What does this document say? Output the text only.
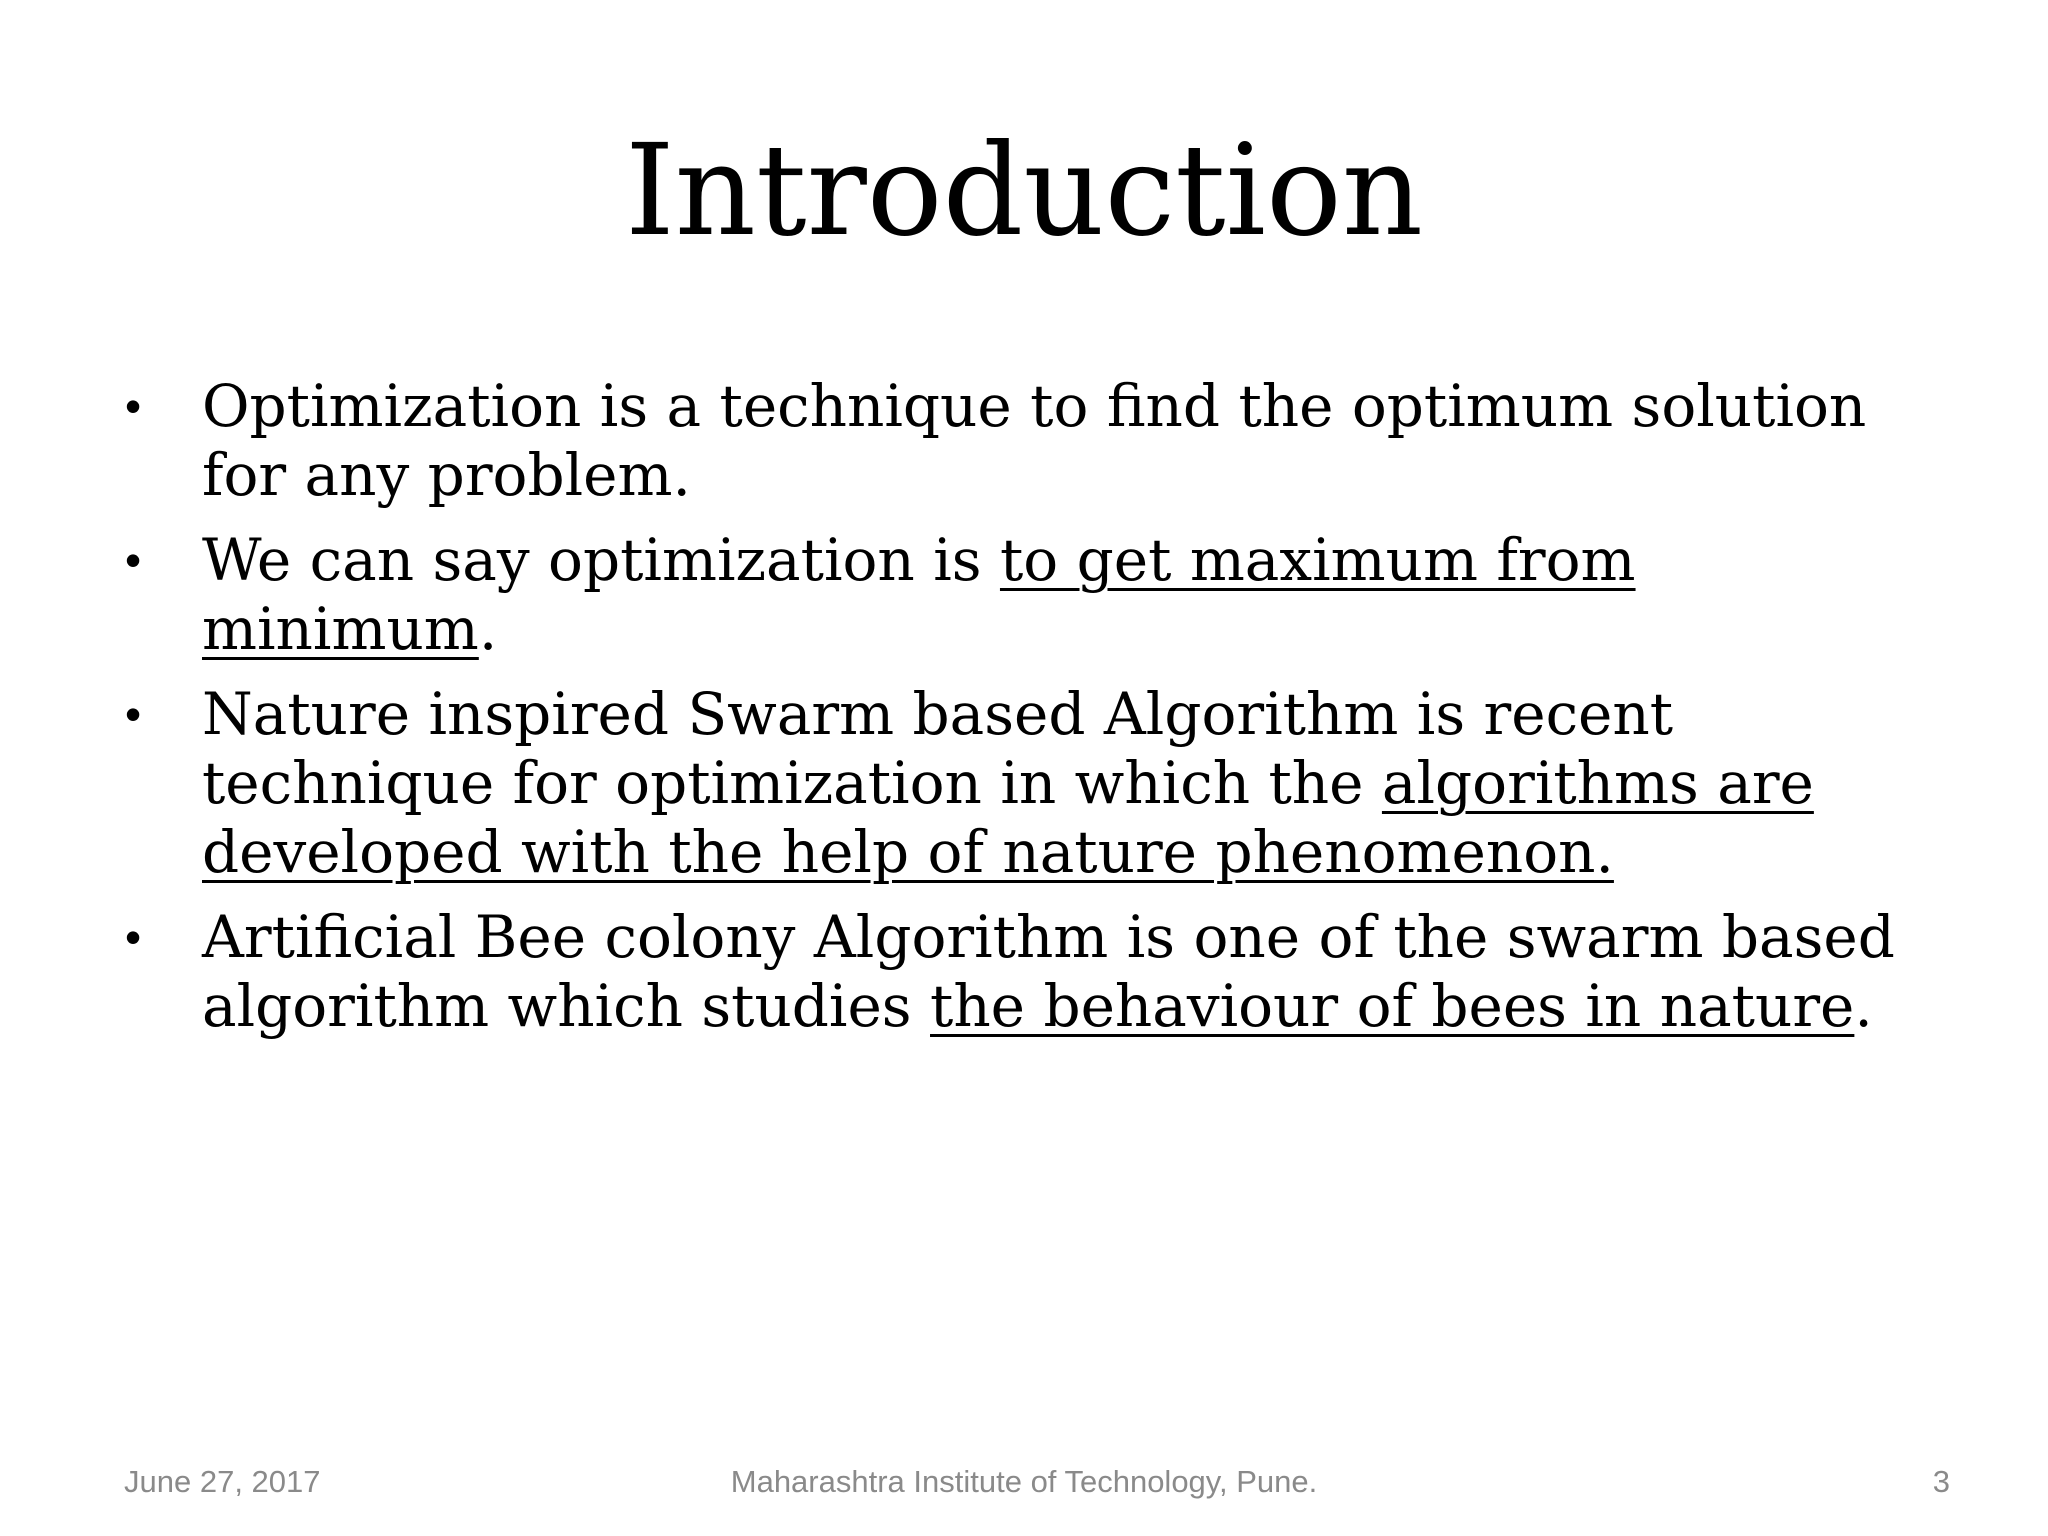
Introduction
• Optimization is a technique to find the optimum solution for any problem.
• We can say optimization is to get maximum from minimum.
• Nature inspired Swarm based Algorithm is recent technique for optimization in which the algorithms are developed with the help of nature phenomenon.
• Artificial Bee colony Algorithm is one of the swarm based algorithm which studies the behaviour of bees in nature.
Maharashtra Institute of Technology, Pune.
June 27, 2017	3
